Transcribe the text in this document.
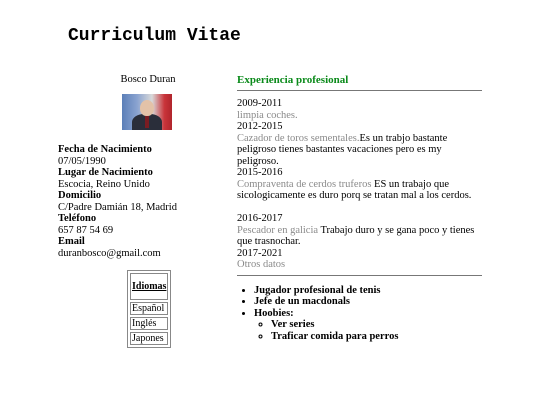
Curriculum Vitae
Bosco Duran
Fecha de Nacimiento
07/05/1990
Lugar de Nacimiento
Escocia, Reino Unido
Domicilio
C/Padre Damián 18, Madrid
Teléfono
657 87 54 69
Email
duranbosco@gmail.com
Idiomas
Español
Inglés
Japones
Experiencia profesional
2009-2011
limpia coches.
2012-2015
Cazador de toros sementales.Es un trabjo bastante peligroso tienes bastantes vacaciones pero es my peligroso.
2015-2016
Compraventa de cerdos truferos ES un trabajo que sicologicamente es duro porq se tratan mal a los cerdos.
2016-2017
Pescador en galicia Trabajo duro y se gana poco y tienes que trasnochar.
2017-2021
Otros datos
• Jugador profesional de tenis
• Jefe de un macdonals
• Hoobies:
◦ Ver series
◦ Traficar comida para perros
